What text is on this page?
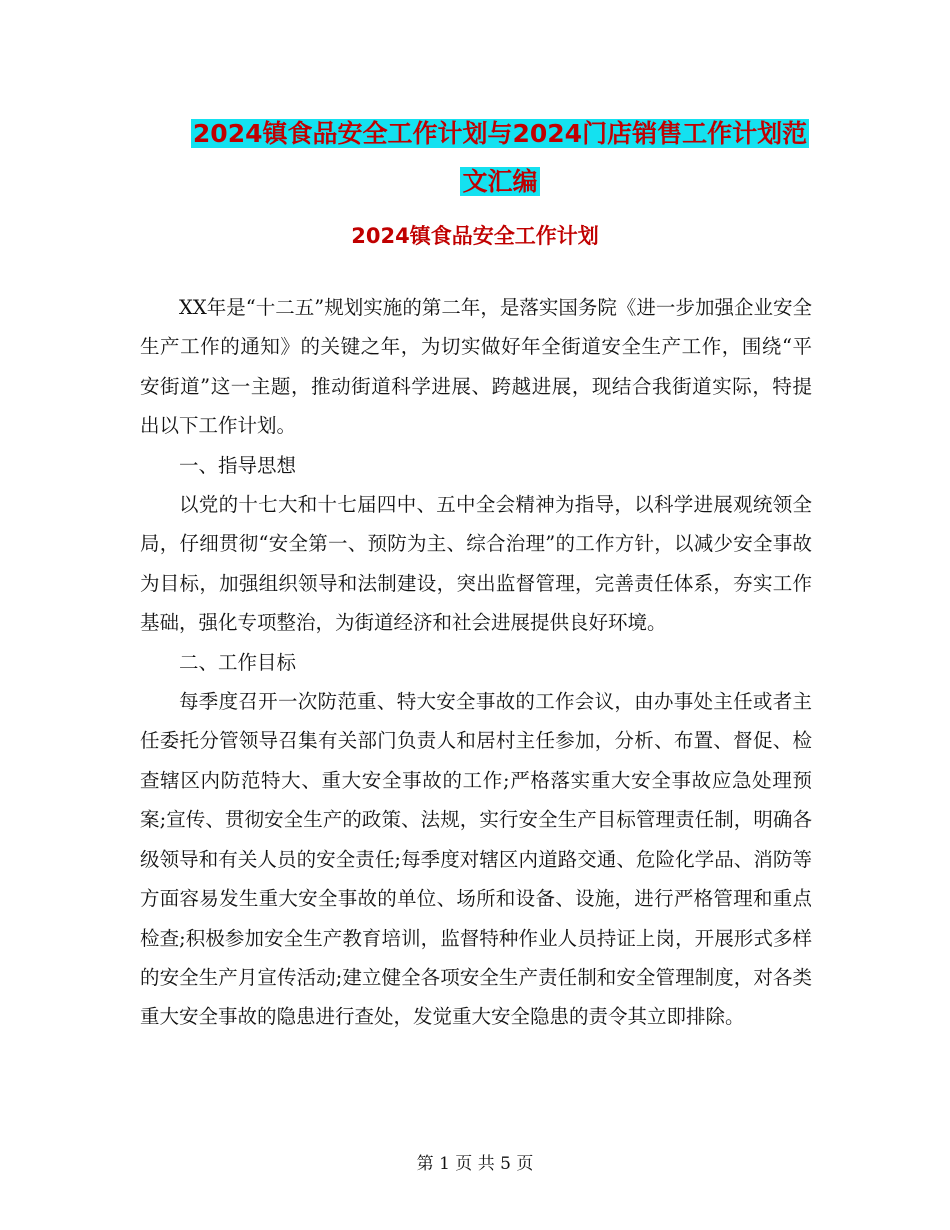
2024镇食品安全工作计划与2024门店销售工作计划范
文汇编
2024镇食品安全工作计划

XX年是“十二五”规划实施的第二年，是落实国务院《进一步加强企业安全生产工作的通知》的关键之年，为切实做好年全街道安全生产工作，围绕“平安街道”这一主题，推动街道科学进展、跨越进展，现结合我街道实际，特提出以下工作计划。

一、指导思想

以党的十七大和十七届四中、五中全会精神为指导，以科学进展观统领全局，仔细贯彻“安全第一、预防为主、综合治理”的工作方针，以减少安全事故为目标，加强组织领导和法制建设，突出监督管理，完善责任体系，夯实工作基础，强化专项整治，为街道经济和社会进展提供良好环境。

二、工作目标

每季度召开一次防范重、特大安全事故的工作会议，由办事处主任或者主任委托分管领导召集有关部门负责人和居村主任参加，分析、布置、督促、检查辖区内防范特大、重大安全事故的工作;严格落实重大安全事故应急处理预案;宣传、贯彻安全生产的政策、法规，实行安全生产目标管理责任制，明确各级领导和有关人员的安全责任;每季度对辖区内道路交通、危险化学品、消防等方面容易发生重大安全事故的单位、场所和设备、设施，进行严格管理和重点检查;积极参加安全生产教育培训，监督特种作业人员持证上岗，开展形式多样的安全生产月宣传活动;建立健全各项安全生产责任制和安全管理制度，对各类重大安全事故的隐患进行查处，发觉重大安全隐患的责令其立即排除。

第 1 页 共 5 页
